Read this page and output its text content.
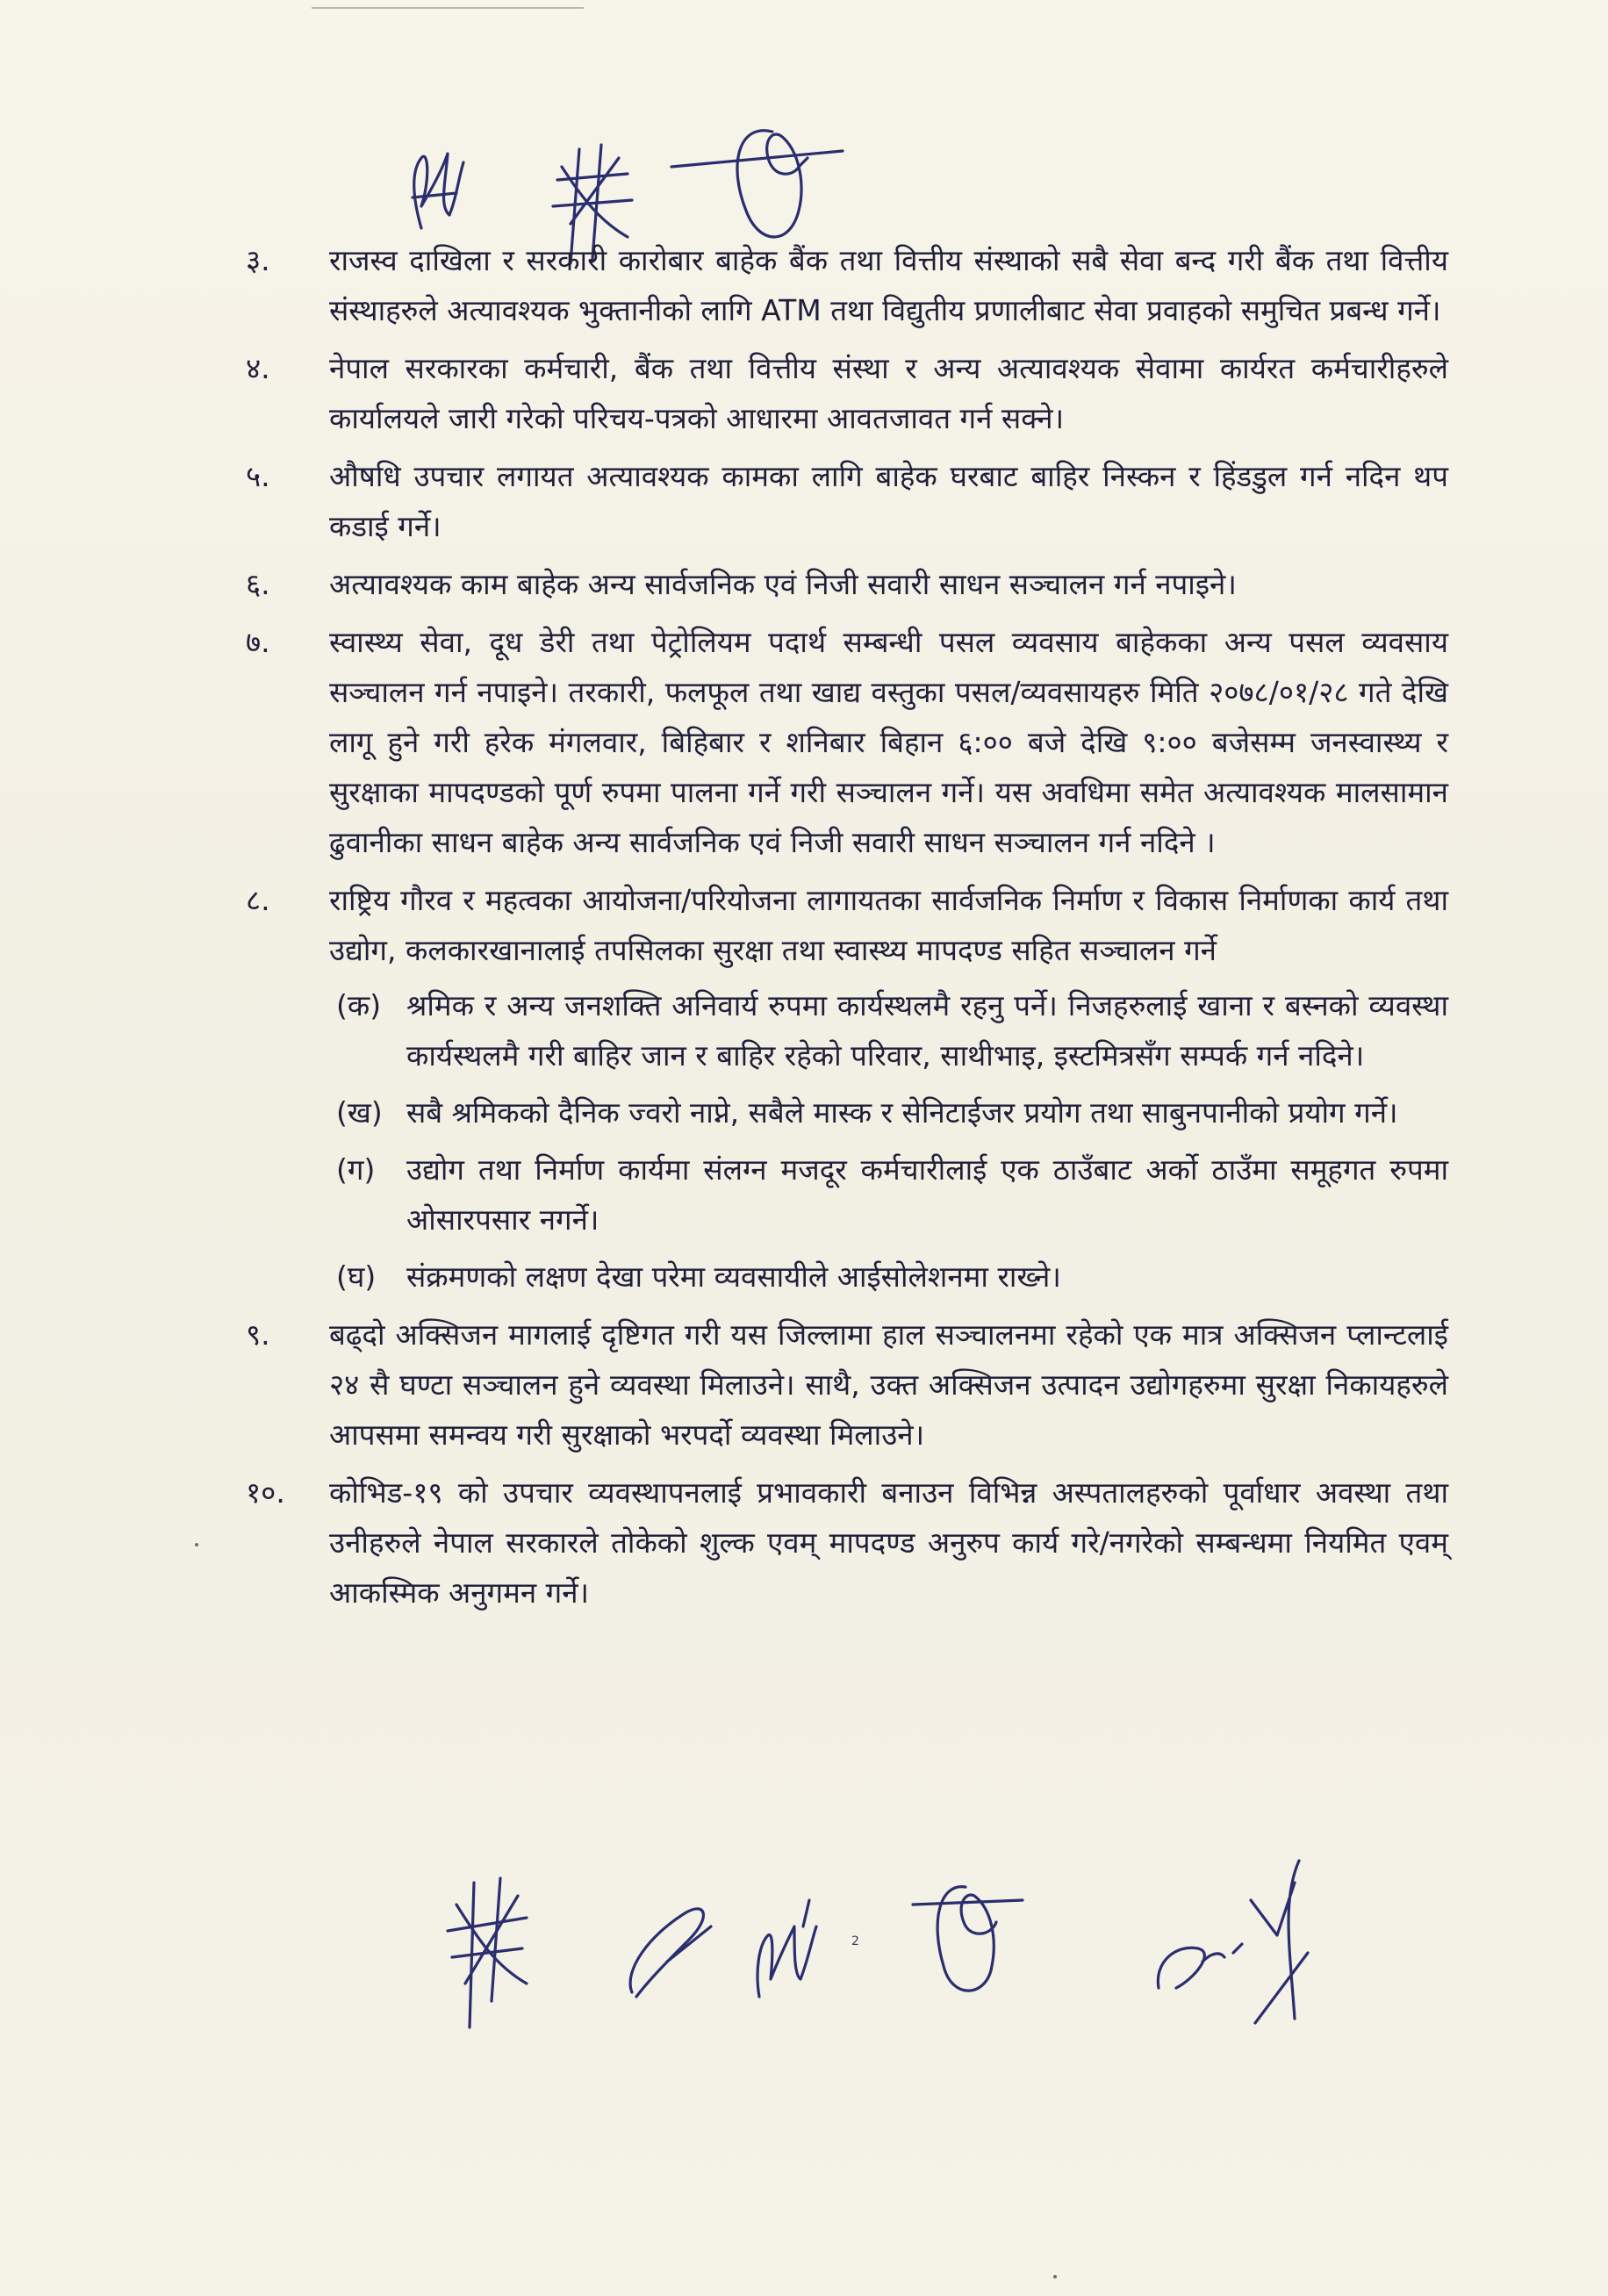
३.	राजस्व दाखिला र सरकारी कारोबार बाहेक बैंक तथा वित्तीय संस्थाको सबै सेवा बन्द गरी बैंक तथा वित्तीय संस्थाहरुले अत्यावश्यक भुक्तानीको लागि ATM तथा विद्युतीय प्रणालीबाट सेवा प्रवाहको समुचित प्रबन्ध गर्ने।
४.	नेपाल सरकारका कर्मचारी, बैंक तथा वित्तीय संस्था र अन्य अत्यावश्यक सेवामा कार्यरत कर्मचारीहरुले कार्यालयले जारी गरेको परिचय-पत्रको आधारमा आवतजावत गर्न सक्ने।
५.	औषधि उपचार लगायत अत्यावश्यक कामका लागि बाहेक घरबाट बाहिर निस्कन र हिंडडुल गर्न नदिन थप कडाई गर्ने।
६.	अत्यावश्यक काम बाहेक अन्य सार्वजनिक एवं निजी सवारी साधन सञ्चालन गर्न नपाइने।
७.	स्वास्थ्य सेवा, दूध डेरी तथा पेट्रोलियम पदार्थ सम्बन्धी पसल व्यवसाय बाहेकका अन्य पसल व्यवसाय सञ्चालन गर्न नपाइने। तरकारी, फलफूल तथा खाद्य वस्तुका पसल/व्यवसायहरु मिति २०७८/०१/२८ गते देखि लागू हुने गरी हरेक मंगलवार, बिहिबार र शनिबार बिहान ६:०० बजे देखि ९:०० बजेसम्म जनस्वास्थ्य र सुरक्षाका मापदण्डको पूर्ण रुपमा पालना गर्ने गरी सञ्चालन गर्ने। यस अवधिमा समेत अत्यावश्यक मालसामान ढुवानीका साधन बाहेक अन्य सार्वजनिक एवं निजी सवारी साधन सञ्चालन गर्न नदिने ।
८.	राष्ट्रिय गौरव र महत्वका आयोजना/परियोजना लागायतका सार्वजनिक निर्माण र विकास निर्माणका कार्य तथा उद्योग, कलकारखानालाई तपसिलका सुरक्षा तथा स्वास्थ्य मापदण्ड सहित सञ्चालन गर्ने
(क) श्रमिक र अन्य जनशक्ति अनिवार्य रुपमा कार्यस्थलमै रहनु पर्ने। निजहरुलाई खाना र बस्नको व्यवस्था कार्यस्थलमै गरी बाहिर जान र बाहिर रहेको परिवार, साथीभाइ, इस्टमित्रसँग सम्पर्क गर्न नदिने।
(ख) सबै श्रमिकको दैनिक ज्वरो नाप्ने, सबैले मास्क र सेनिटाईजर प्रयोग तथा साबुनपानीको प्रयोग गर्ने।
(ग)	उद्योग तथा निर्माण कार्यमा संलग्न मजदूर कर्मचारीलाई एक ठाउँबाट अर्को ठाउँमा समूहगत रुपमा ओसारपसार नगर्ने।
(घ)	संक्रमणको लक्षण देखा परेमा व्यवसायीले आईसोलेशनमा राख्ने।
९.	बढ्दो अक्सिजन मागलाई दृष्टिगत गरी यस जिल्लामा हाल सञ्चालनमा रहेको एक मात्र अक्सिजन प्लान्टलाई २४ सै घण्टा सञ्चालन हुने व्यवस्था मिलाउने। साथै, उक्त अक्सिजन उत्पादन उद्योगहरुमा सुरक्षा निकायहरुले आपसमा समन्वय गरी सुरक्षाको भरपर्दो व्यवस्था मिलाउने।
१०.	कोभिड-१९ को उपचार व्यवस्थापनलाई प्रभावकारी बनाउन विभिन्न अस्पतालहरुको पूर्वाधार अवस्था तथा उनीहरुले नेपाल सरकारले तोकेको शुल्क एवम् मापदण्ड अनुरुप कार्य गरे/नगरेको सम्बन्धमा नियमित एवम् आकस्मिक अनुगमन गर्ने।
2
